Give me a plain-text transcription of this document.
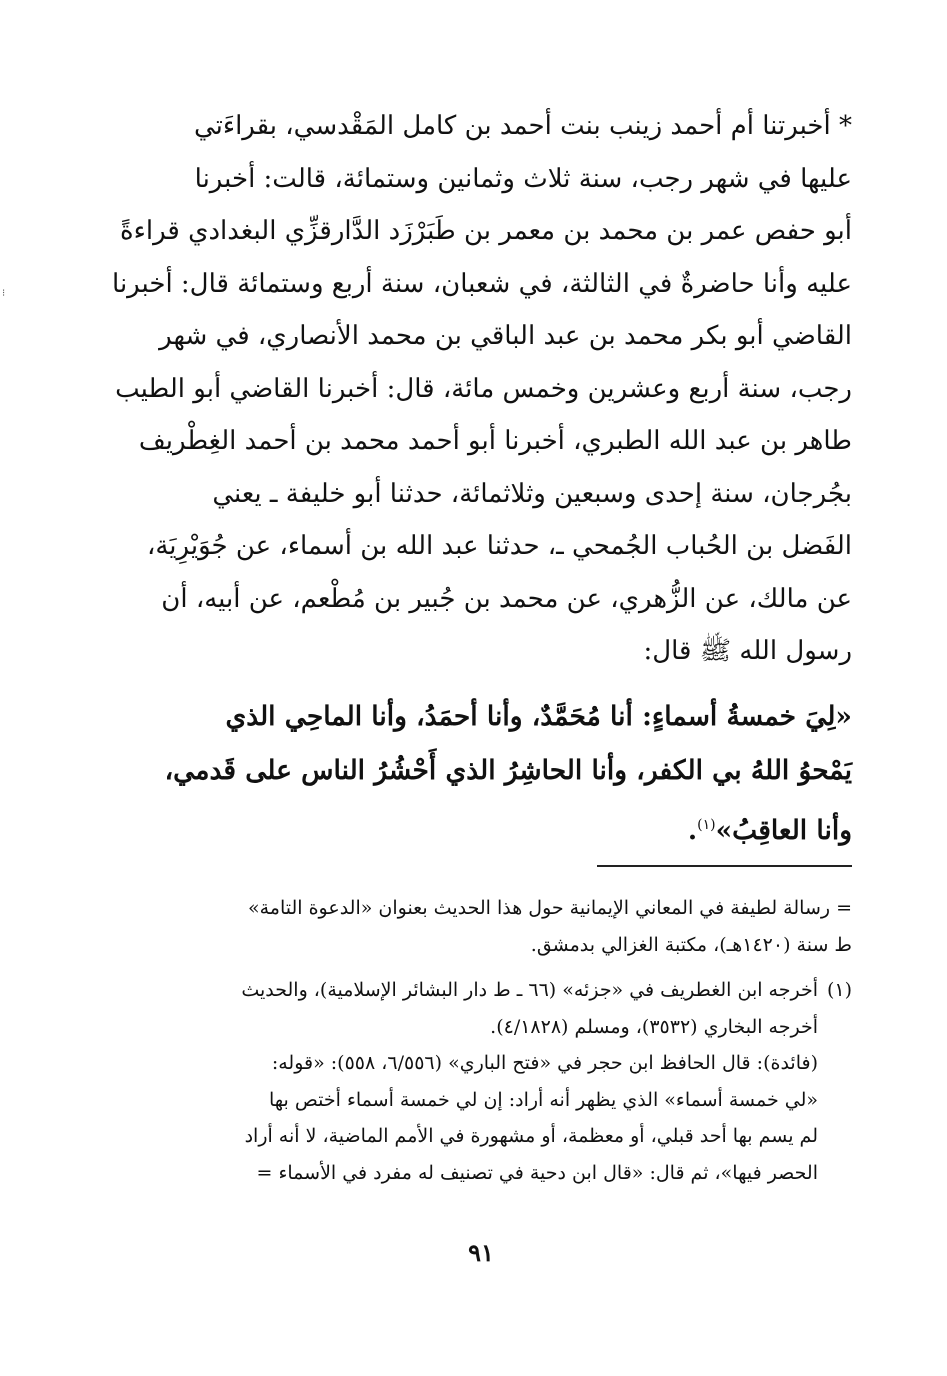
* أخبرتنا أم أحمد زينب بنت أحمد بن كامل المَقْدسي، بقراءَتي

عليها في شهر رجب، سنة ثلاث وثمانين وستمائة، قالت: أخبرنا

أبو حفص عمر بن محمد بن معمر بن طَبَرْزَد الدَّارقزِّي البغدادي قراءةً

عليه وأنا حاضرةٌ في الثالثة، في شعبان، سنة أربع وستمائة قال: أخبرنا

القاضي أبو بكر محمد بن عبد الباقي بن محمد الأنصاري، في شهر

رجب، سنة أربع وعشرين وخمس مائة، قال: أخبرنا القاضي أبو الطيب

طاهر بن عبد الله الطبري، أخبرنا أبو أحمد محمد بن أحمد الغِطْريف

بجُرجان، سنة إحدى وسبعين وثلاثمائة، حدثنا أبو خليفة ـ يعني

الفَضل بن الحُباب الجُمحي ـ، حدثنا عبد الله بن أسماء، عن جُوَيْرِيَة،

عن مالك، عن الزُّهري، عن محمد بن جُبير بن مُطْعم، عن أبيه، أن

رسول الله ﷺ قال:

«لِيَ خمسةُ أسماءٍ: أنا مُحَمَّدٌ، وأنا أحمَدُ، وأنا الماحِي الذي

يَمْحوُ اللهُ بي الكفر، وأنا الحاشِرُ الذي أَحْشُرُ الناس على قَدمي،

وأنا العاقِبُ»$^{(١)}$.

= رسالة لطيفة في المعاني الإيمانية حول هذا الحديث بعنوان «الدعوة التامة»

ط سنة (١٤٢٠هـ)، مكتبة الغزالي بدمشق.

(١)

أخرجه ابن الغطريف في «جزئه» (٦٦ ـ ط دار البشائر الإسلامية)، والحديث

أخرجه البخاري (٣٥٣٢)، ومسلم (٤/١٨٢٨).

(فائدة): قال الحافظ ابن حجر في «فتح الباري» (٦/٥٥٦، ٥٥٨): «قوله:

«لي خمسة أسماء» الذي يظهر أنه أراد: إن لي خمسة أسماء أختص بها

لم يسم بها أحد قبلي، أو معظمة، أو مشهورة في الأمم الماضية، لا أنه أراد

الحصر فيها»، ثم قال: «قال ابن دحية في تصنيف له مفرد في الأسماء =

٩١
⁝
